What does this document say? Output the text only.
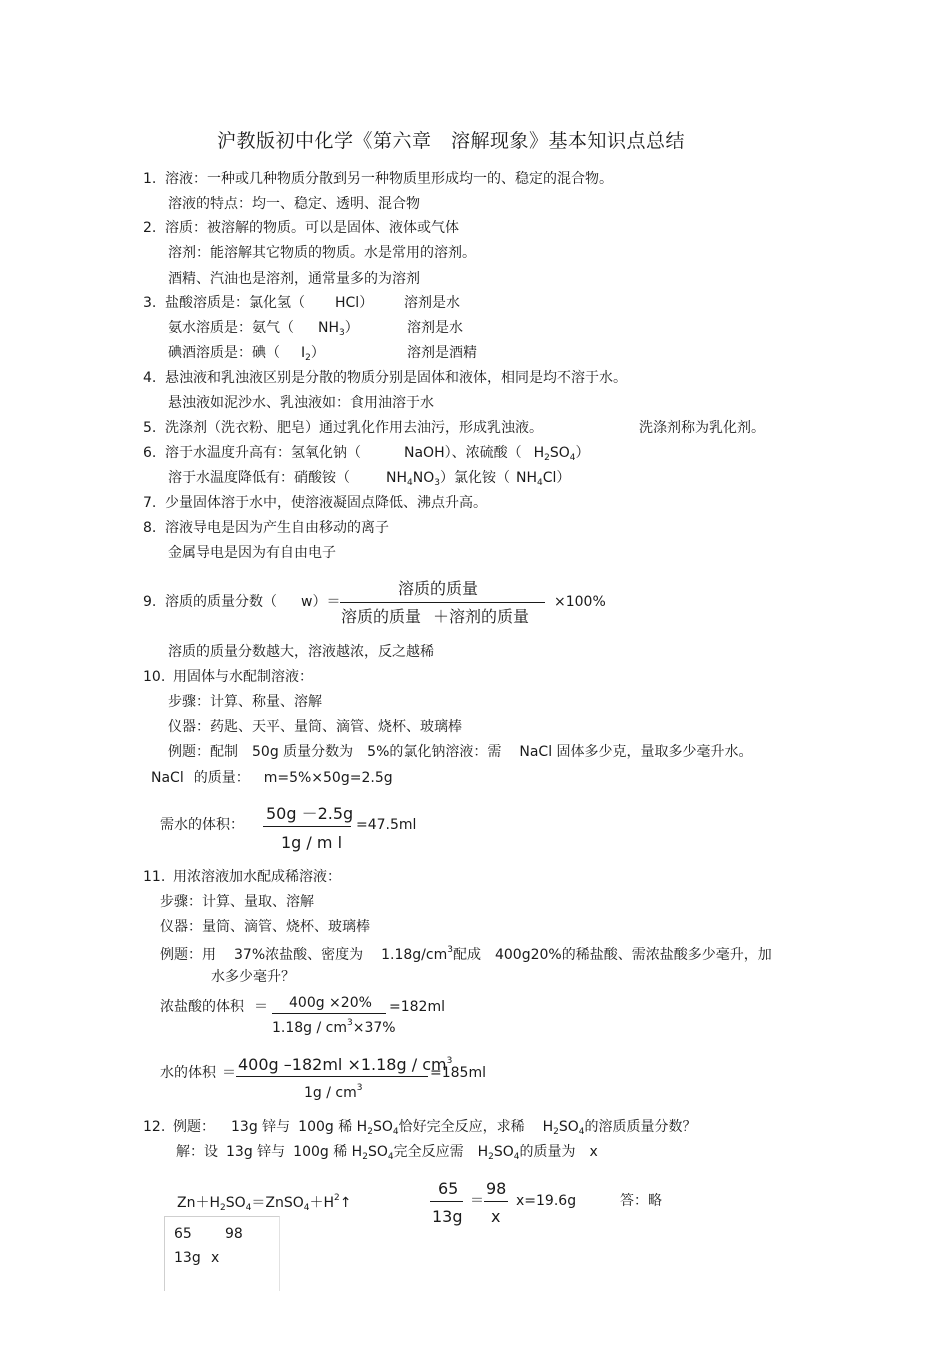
沪教版初中化学《第六章　溶解现象》基本知识点总结
1. 溶液：一种或几种物质分散到另一种物质里形成均一的、稳定的混合物。
溶液的特点：均一、稳定、透明、混合物
2. 溶质：被溶解的物质。可以是固体、液体或气体
溶剂：能溶解其它物质的物质。水是常用的溶剂。
酒精、汽油也是溶剂，通常量多的为溶剂
3. 盐酸溶质是：氯化氢（ HCl） 溶剂是水
氨水溶质是：氨气（ $NH_3$）	溶剂是水
碘酒溶质是：碘（ $I_2$）	溶剂是酒精
4. 悬浊液和乳浊液区别是分散的物质分别是固体和液体，相同是均不溶于水。
悬浊液如泥沙水、乳浊液如：食用油溶于水
5. 洗涤剂（洗衣粉、肥皂）通过乳化作用去油污，形成乳浊液。	洗涤剂称为乳化剂。
6. 溶于水温度升高有：氢氧化钠（	NaOH）、浓硫酸（ $H_2SO_4$）
溶于水温度降低有：硝酸铵（	$NH_4NO_3$）氯化铵（ $NH_4Cl$）
7. 少量固体溶于水中，使溶液凝固点降低、沸点升高。
8. 溶液导电是因为产生自由移动的离子
金属导电是因为有自由电子
9. 溶质的质量分数（ w）＝
溶质的质量
溶质的质量 ＋溶剂的质量
×100%
溶质的质量分数越大，溶液越浓，反之越稀
10. 用固体与水配制溶液：
步骤：计算、称量、溶解
仪器：药匙、天平、量筒、滴管、烧杯、玻璃棒
例题：配制 50g 质量分数为 5%的氯化钠溶液：需 NaCl 固体多少克，量取多少毫升水。
NaCl 的质量： m=5%×50g=2.5g
需水的体积：
50g －2.5g
1g / m l
=47.5ml
11. 用浓溶液加水配成稀溶液：
步骤：计算、量取、溶解
仪器：量筒、滴管、烧杯、玻璃棒
例题：用 37%浓盐酸、密度为 $1.18g/cm^3$配成 400g20%的稀盐酸、需浓盐酸多少毫升，加
水多少毫升？
浓盐酸的体积 ＝ 400g ×20%
$1.18g / cm^3\times 37\%$
=182ml
水的体积 ＝ 400g $-182ml \times 1.18g / cm^3$
$1g / cm^3$
=185ml
12. 例题： 13g 锌与 100g 稀 $H_2SO_4$恰好完全反应，求稀 $H_2SO_4$的溶质质量分数？
解：设 13g 锌与 100g 稀 $H_2SO_4$完全反应需 $H_2SO_4$的质量为 x
$Zn+H_2SO_4=ZnSO_4+H^2↑$
65
13g
＝
98
x
x=19.6g	答：略
65 98
13g x
